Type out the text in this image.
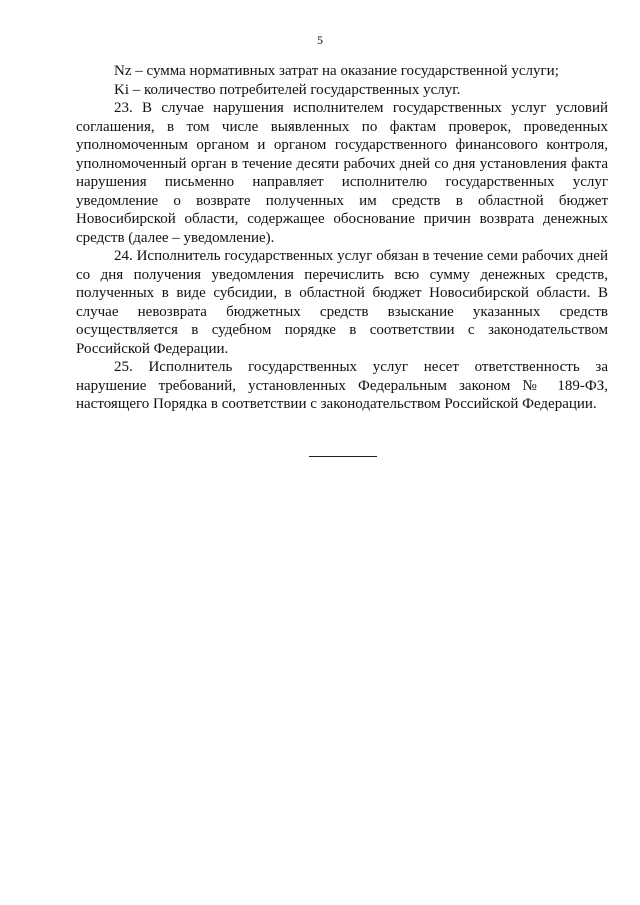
5

Nz – сумма нормативных затрат на оказание государственной услуги;

Ki – количество потребителей государственных услуг.

23. В случае нарушения исполнителем государственных услуг условий соглашения, в том числе выявленных по фактам проверок, проведенных уполномоченным органом и органом государственного финансового контроля, уполномоченный орган в течение десяти рабочих дней со дня установления факта нарушения письменно направляет исполнителю государственных услуг уведомление о возврате полученных им средств в областной бюджет Новосибирской области, содержащее обоснование причин возврата денежных средств (далее – уведомление).

24. Исполнитель государственных услуг обязан в течение семи рабочих дней со дня получения уведомления перечислить всю сумму денежных средств, полученных в виде субсидии, в областной бюджет Новосибирской области. В случае невозврата бюджетных средств взыскание указанных средств осуществляется в судебном порядке в соответствии с законодательством Российской Федерации.

25. Исполнитель государственных услуг несет ответственность за нарушение требований, установленных Федеральным законом № 189-ФЗ, настоящего Порядка в соответствии с законодательством Российской Федерации.
